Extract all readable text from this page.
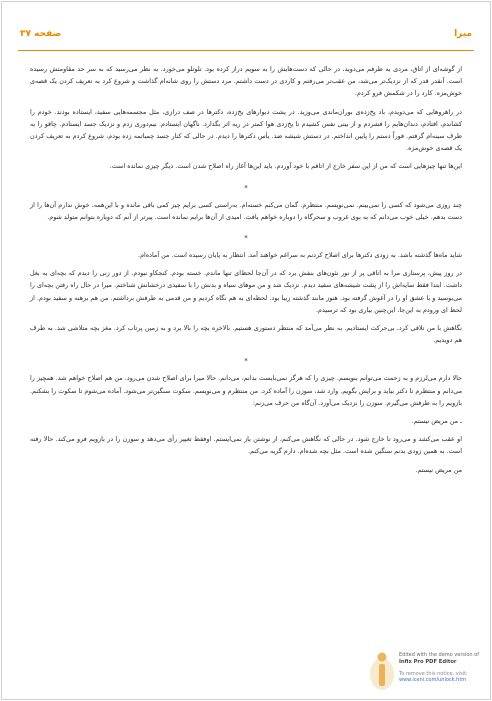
میرا
صفحه ۳۷

از گوشه‌ای از اتاق، مردی به طرفم می‌دوید، در حالی که دست‌هایش را به سویم دراز کرده بود. تلوتلو می‌خورد. به نظر می‌رسید که به سر حد مقاومتش رسیده است. آنقدر قدر که از نزدیک‌تر می‌شد، من عقب‌تر می‌رفتم و کاردی در دست داشتم. مرد دستش را روی شانه‌ام گذاشت و شروع کرد به تعریف کردن یک قصه‌ی خوش‌مزه. کارد را در شکمش فرو کردم.

در راهروهایی که می‌دویدم، باد پخ‌زده‌ی بوران‌ماندی می‌وزید. در پشت دیوارهای یخ‌زده، دکترها در صف درازی، مثل مجسمه‌هایی سفید، ایستاده بودند. خودم را کشاندم، افتادم، دندان‌هایم را فشردم و از بینی نفس کشیدم تا یخ‌زدی هوا کمتر در ریه اثر بگذارد. ناگهان ایستادم. نیم‌دوری زدم و نزدیک جسد ایستادم. چاقو را به طرف سینه‌ام گرفتم. فوراً دستم را پایین انداختم. در دستش شیشه‌ ضد. یأس دکترها را دیدم. در حالی که کنار جسد چمباتمه زده بودم، شروع کردم به تعریف کردن یک قصه‌ی خوش‌مزه.

این‌ها تنها چیزهایی است که من از این سفر خارج از اتاقم با خود آوردم. باید این‌ها آغاز راه اصلاح شدن است. دیگر چیزی نمانده است.

*

چند روزی می‌شود که کسی را نمی‌بینم. نمی‌نویسم. منتظرم. گمان می‌کنم خسته‌ام. به‌راستی کسی برایم چیز کمی باقی مانده و با این‌همه، خوش ندارم آن‌ها را از دست بدهم. خیلی خوب می‌دانم که به بوی غروب و سحرگاه را دوباره خواهم یافت. امیدی از آن‌ها برایم نمانده است. پیرتر از آنم که دوباره بتوانم متولد شوم.

*

شاید ماه‌ها گذشته باشد. به زودی دکترها برای اصلاح کردنم به سراغم خواهند آمد. انتظار به پایان رسیده است. من آماده‌ام.

در روز پیش، پرستاری مرا به اتاقی پر از نور نئون‌های بنفش برد که در آن‌جا لحظ‌ای تنها ماندم. خسته بودم. کنجکاو نبودم. از دور زنی را دیدم که بچه‌ای به بغل داشت. ابتدا فقط سایه‌اش را از پشت شیشه‌های سفید دیدم. نزدیک شد و من موهای سیاه و بدنش را با سفیدی درخشانش شناختم. میرا در حال راه رفتن بچه‌ای را می‌بوسید و با عشق او را در آغوش گرفته بود. هنوز مانند گذشته زیبا بود. لحظه‌ای به هم نگاه کردیم و من قدمی به طرفش برداشتم. من هم برهنه و سفید بودم. از لحظ ای ورودم به این‌جا، این‌چنین بیاری بود که ترسیدم.

نگاهش با من تلاقی کرد. بی‌حرکت ایستادیم. به نظر می‌آمد که منتظر دستوری هستیم. بالاخره بچه را بالا برد و به زمین پرتاب کرد. مغز بچه متلاشی شد. به طرف هم دویدیم.

*

حالا دارم می‌لرزم و به زحمت می‌توانم بنویسم. چیزی را که هرگز نمی‌بایست بدانم، می‌دانم. حالا میرا برای اصلاح شدن می‌رود. من هم اصلاح خواهم شد. همچیز را می‌دانم و منتظرم تا دکتر بیاید و برایش بگویم. وارد شد، سوزن را آماده کرد. من منتظرم و می‌نویسم. سکوت سنگین‌تر می‌شود. آماده می‌شوم تا سکوت را بشکنم. بازویم را به طرفش می‌گیرم. سوزن را نزدیک می‌آورد. آن‌گاه من حرف می‌زنم:

ـ من مریض نیستم.

او عقب می‌کشد و می‌رود تا خارج شود. در حالی که نگاهش می‌کنم، از نوشتن باز نمی‌ایستم. اوفقط تغییر رأی می‌دهد و سوزن را در بازویم فرو می‌کند. حالا رفته است. به همین زودی بدنم سنگین شده است. مثل بچه شده‌ام. دارم گریه می‌کنم.

من مریض نیستم.

Edited with the demo version of
Infix Pro PDF Editor
To remove this notice, visit:
www.iceni.com/unlock.htm
